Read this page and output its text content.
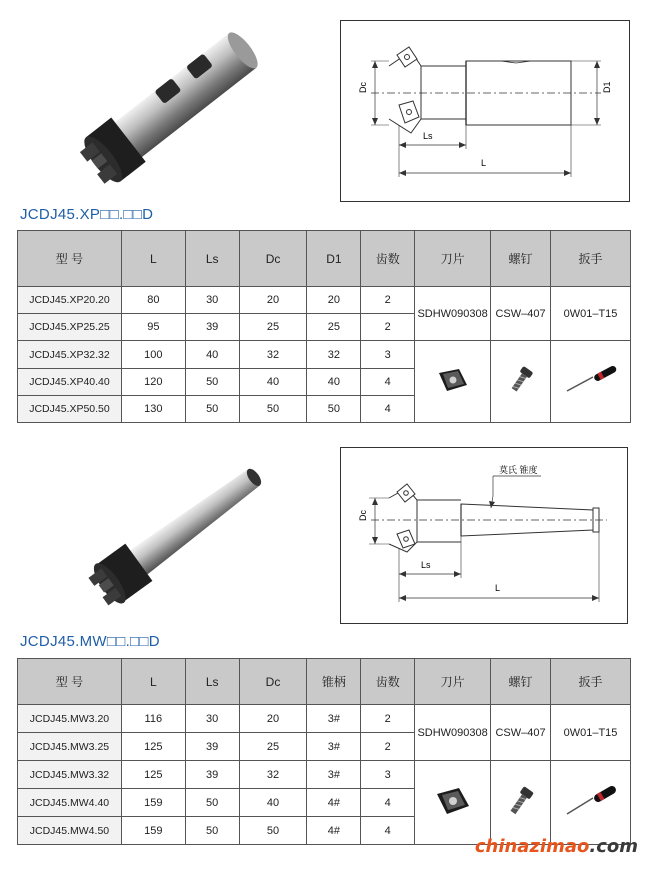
Dc	D1
Ls
L
JCDJ45.XP□□.□□D
型 号	L	Ls	Dc	D1	齿数	刀片	螺钉	扳手
JCDJ45.XP20.20	80	30	20	20	2	SDHW090308	CSW–407	0W01–T15
JCDJ45.XP25.25	95	39	25	25	2			
JCDJ45.XP32.32	100	40	32	32	3			
JCDJ45.XP40.40	120	50	40	40	4			
JCDJ45.XP50.50	130	50	50	50	4			
莫氏 锥度
Dc
Ls
L
JCDJ45.MW□□.□□D
型 号	L	Ls	Dc	锥柄	齿数	刀片	螺钉	扳手
JCDJ45.MW3.20	116	30	20	3#	2	SDHW090308	CSW–407	0W01–T15
JCDJ45.MW3.25	125	39	25	3#	2			
JCDJ45.MW3.32	125	39	32	3#	3			
JCDJ45.MW4.40	159	50	40	4#	4			
JCDJ45.MW4.50	159	50	50	4#	4			
chinazimao.com
